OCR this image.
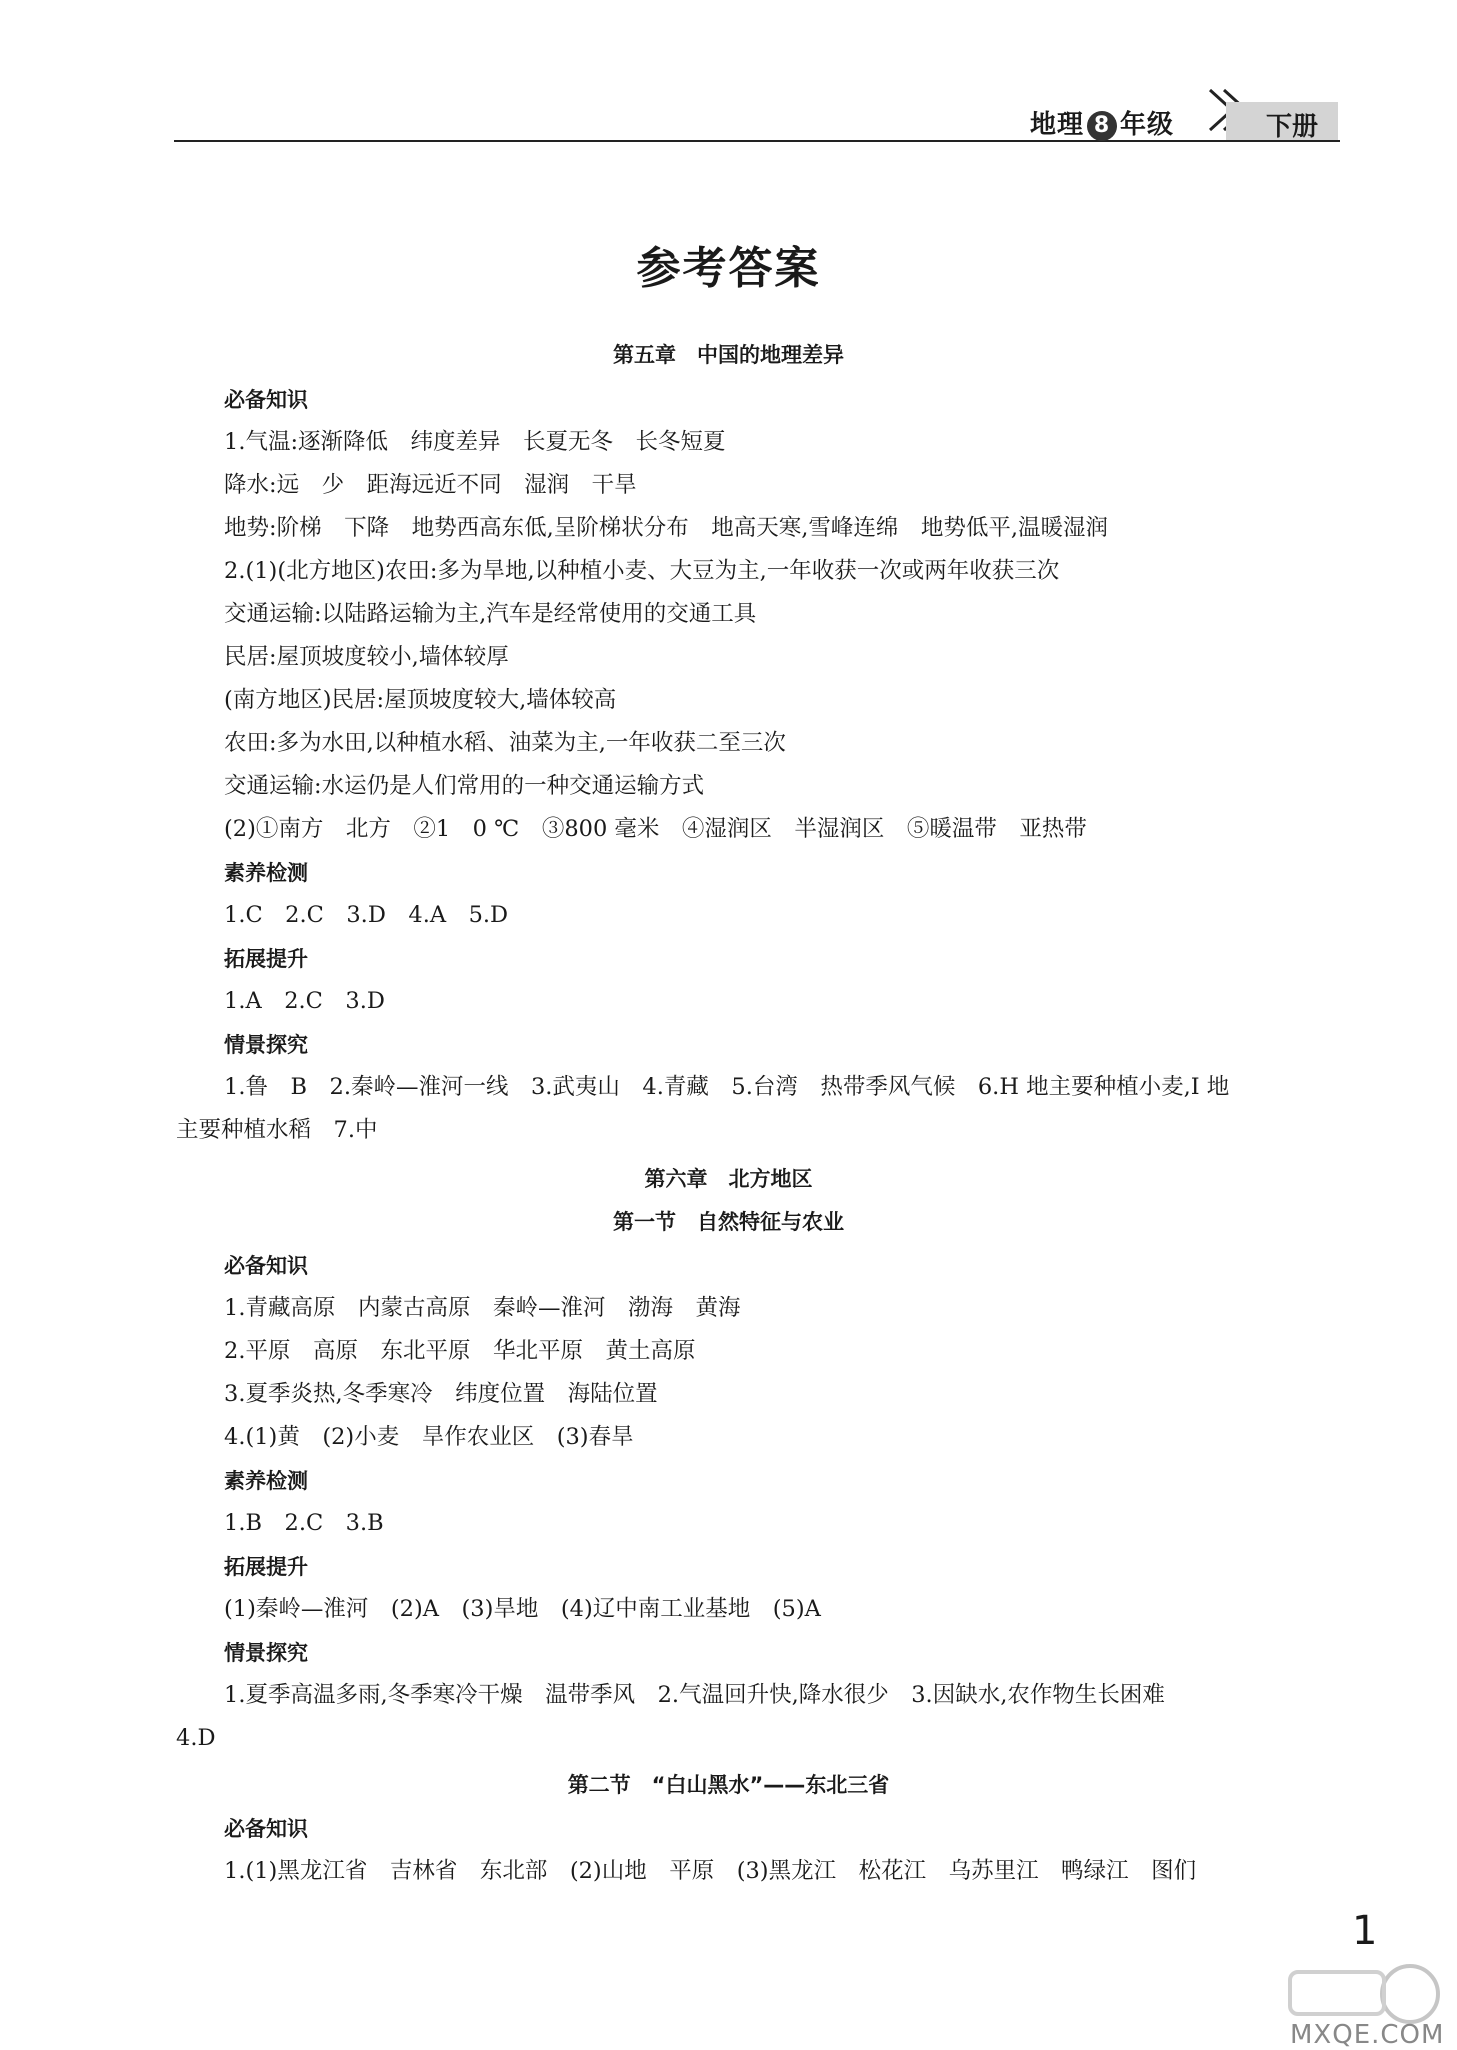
地理 8 年级	下册
参考答案
第五章　中国的地理差异
必备知识
1.气温:逐渐降低　纬度差异　长夏无冬　长冬短夏
降水:远　少　距海远近不同　湿润　干旱
地势:阶梯　下降　地势西高东低,呈阶梯状分布　地高天寒,雪峰连绵　地势低平,温暖湿润
2.(1)(北方地区)农田:多为旱地,以种植小麦、大豆为主,一年收获一次或两年收获三次
交通运输:以陆路运输为主,汽车是经常使用的交通工具
民居:屋顶坡度较小,墙体较厚
(南方地区)民居:屋顶坡度较大,墙体较高
农田:多为水田,以种植水稻、油菜为主,一年收获二至三次
交通运输:水运仍是人们常用的一种交通运输方式
(2)①南方　北方　②1　0 ℃　③800 毫米　④湿润区　半湿润区　⑤暖温带　亚热带
素养检测
1.C　2.C　3.D　4.A　5.D
拓展提升
1.A　2.C　3.D
情景探究
1.鲁　B　2.秦岭—淮河一线　3.武夷山　4.青藏　5.台湾　热带季风气候　6.H 地主要种植小麦,I 地
主要种植水稻　7.中
第六章　北方地区
第一节　自然特征与农业
必备知识
1.青藏高原　内蒙古高原　秦岭—淮河　渤海　黄海
2.平原　高原　东北平原　华北平原　黄土高原
3.夏季炎热,冬季寒冷　纬度位置　海陆位置
4.(1)黄　(2)小麦　旱作农业区　(3)春旱
素养检测
1.B　2.C　3.B
拓展提升
(1)秦岭—淮河　(2)A　(3)旱地　(4)辽中南工业基地　(5)A
情景探究
1.夏季高温多雨,冬季寒冷干燥　温带季风　2.气温回升快,降水很少　3.因缺水,农作物生长困难
4.D
第二节　“白山黑水”——东北三省
必备知识
1.(1)黑龙江省　吉林省　东北部　(2)山地　平原　(3)黑龙江　松花江　乌苏里江　鸭绿江　图们
1
MXQE.COM
